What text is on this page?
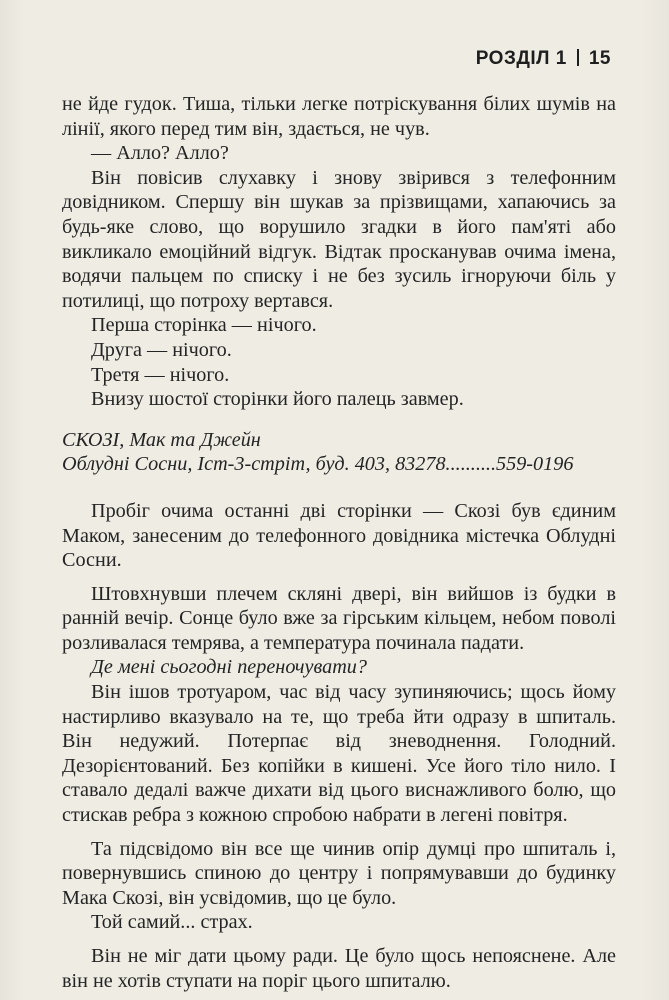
РОЗДІЛ 1 15

не йде гудок. Тиша, тільки легке потрiскування білих шумів на лінії, якого перед тим він, здається, не чув.

— Алло? Алло?

Він повісив слухавку і знову звірився з телефонним довідником. Спершу він шукав за прізвищами, хапаючись за будь-яке слово, що ворушило згадки в його пам'яті або викликало емоційний відгук. Відтак просканував очима імена, водячи пальцем по списку і не без зусиль ігноруючи біль у потилиці, що потроху вертався.

Перша сторінка — нічого.

Друга — нічого.

Третя — нічого.

Внизу шостої сторінки його палець завмер.

СКОЗІ, Мак та Джейн
Облудні Сосни, Іст-3-стріт, буд. 403, 83278..........559-0196

Пробіг очима останні дві сторінки — Скозі був єдиним Маком, занесеним до телефонного довідника містечка Облудні Сосни.

Штовхнувши плечем скляні двері, він вийшов із будки в ранній вечір. Сонце було вже за гірським кільцем, небом поволі розливалася темрява, а температура починала падати.

Де мені сьогодні переночувати?

Він ішов тротуаром, час від часу зупиняючись; щось йому настирливо вказувало на те, що треба йти одразу в шпиталь. Він недужий. Потерпає від зневоднення. Голодний. Дезорієнтований. Без копійки в кишені. Усе його тіло нило. І ставало дедалі важче дихати від цього виснажливого болю, що стискав ребра з кожною спробою набрати в легені повітря.

Та підсвідомо він все ще чинив опір думці про шпиталь і, повернувшись спиною до центру і попрямувавши до будинку Мака Скозі, він усвідомив, що це було.

Той самий... страх.

Він не міг дати цьому ради. Це було щось непояснене. Але він не хотів ступати на поріг цього шпиталю.
